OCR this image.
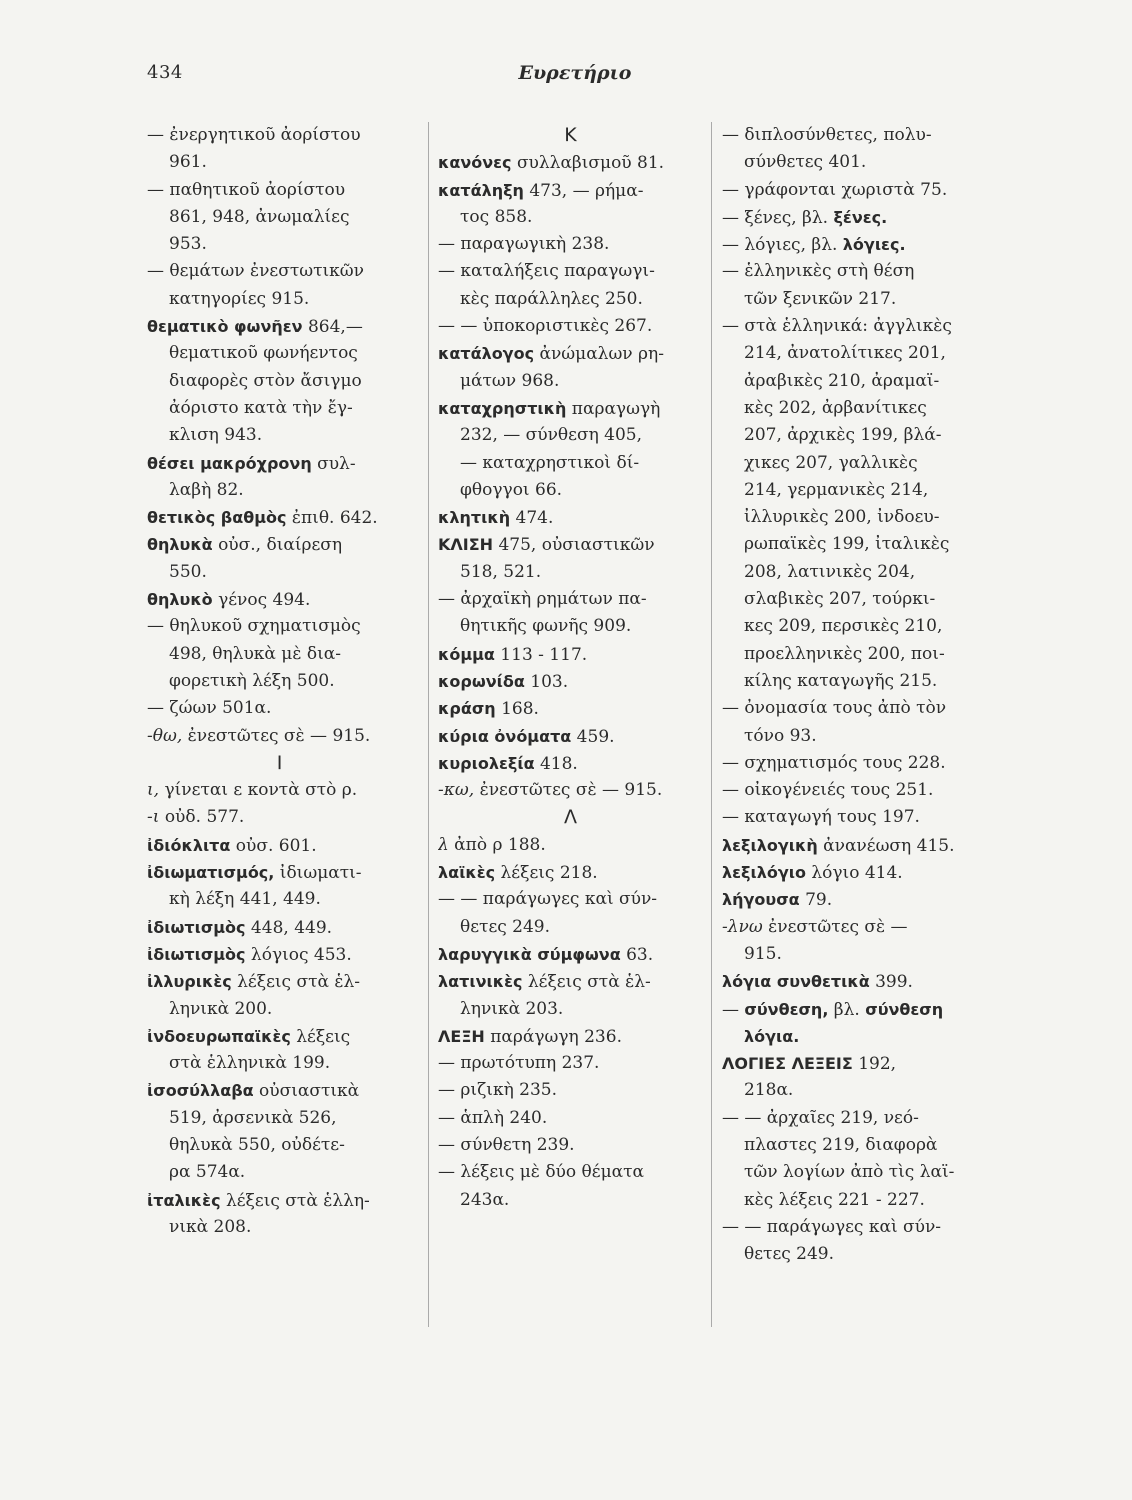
434	Ευρετήριο
— ἐνεργητικοῦ ἀορίστου
961.
— παθητικοῦ ἀορίστου
861, 948, ἀνωμαλίες
953.
— θεμάτων ἐνεστωτικῶν
κατηγορίες 915.
θεματικὸ φωνῆεν 864,—
θεματικοῦ φωνήεντος
διαφορὲς στὸν ἄσιγμο
ἀόριστο κατὰ τὴν ἔγ-
κλιση 943.
θέσει μακρόχρονη συλ-
λαβὴ 82.
θετικὸς βαθμὸς ἐπιθ. 642.
θηλυκὰ οὐσ., διαίρεση
550.
θηλυκὸ γένος 494.
— θηλυκοῦ σχηματισμὸς
498, θηλυκὰ μὲ δια-
φορετικὴ λέξη 500.
— ζώων 501α.
-θω, ἐνεστῶτες σὲ — 915.
Ι
ι, γίνεται ε κοντὰ στὸ ρ.
-ι οὐδ. 577.
ἰδιόκλιτα οὐσ. 601.
ἰδιωματισμός, ἰδιωματι-
κὴ λέξη 441, 449.
ἰδιωτισμὸς 448, 449.
ἰδιωτισμὸς λόγιος 453.
ἰλλυρικὲς λέξεις στὰ ἑλ-
ληνικὰ 200.
ἰνδοευρωπαϊκὲς λέξεις
στὰ ἑλληνικὰ 199.
ἰσοσύλλαβα οὐσιαστικὰ
519, ἀρσενικὰ 526,
θηλυκὰ 550, οὐδέτε-
ρα 574α.
ἰταλικὲς λέξεις στὰ ἑλλη-
νικὰ 208.
Κ
κανόνες συλλαβισμοῦ 81.
κατάληξη 473, — ρήμα-
τος 858.
— παραγωγικὴ 238.
— καταλήξεις παραγωγι-
κὲς παράλληλες 250.
— — ὑποκοριστικὲς 267.
κατάλογος ἀνώμαλων ρη-
μάτων 968.
καταχρηστικὴ παραγωγὴ
232, — σύνθεση 405,
— καταχρηστικοὶ δί-
φθογγοι 66.
κλητικὴ 474.
ΚΛΙΣΗ 475, οὐσιαστικῶν
518, 521.
— ἀρχαϊκὴ ρημάτων πα-
θητικῆς φωνῆς 909.
κόμμα 113 - 117.
κορωνίδα 103.
κράση 168.
κύρια ὀνόματα 459.
κυριολεξία 418.
-κω, ἐνεστῶτες σὲ — 915.
Λ
λ ἀπὸ ρ 188.
λαϊκὲς λέξεις 218.
— — παράγωγες καὶ σύν-
θετες 249.
λαρυγγικὰ σύμφωνα 63.
λατινικὲς λέξεις στὰ ἑλ-
ληνικὰ 203.
ΛΕΞΗ παράγωγη 236.
— πρωτότυπη 237.
— ριζικὴ 235.
— ἁπλὴ 240.
— σύνθετη 239.
— λέξεις μὲ δύο θέματα
243α.
— διπλοσύνθετες, πολυ-
σύνθετες 401.
— γράφονται χωριστὰ 75.
— ξένες, βλ. ξένες.
— λόγιες, βλ. λόγιες.
— ἑλληνικὲς στὴ θέση
τῶν ξενικῶν 217.
— στὰ ἑλληνικά: ἀγγλικὲς
214, ἀνατολίτικες 201,
ἀραβικὲς 210, ἀραμαϊ-
κὲς 202, ἀρβανίτικες
207, ἀρχικὲς 199, βλά-
χικες 207, γαλλικὲς
214, γερμανικὲς 214,
ἰλλυρικὲς 200, ἰνδοευ-
ρωπαϊκὲς 199, ἰταλικὲς
208, λατινικὲς 204,
σλαβικὲς 207, τούρκι-
κες 209, περσικὲς 210,
προελληνικὲς 200, ποι-
κίλης καταγωγῆς 215.
— ὀνομασία τους ἀπὸ τὸν
τόνο 93.
— σχηματισμός τους 228.
— οἰκογένειές τους 251.
— καταγωγή τους 197.
λεξιλογικὴ ἀνανέωση 415.
λεξιλόγιο λόγιο 414.
λήγουσα 79.
-λνω ἐνεστῶτες σὲ —
915.
λόγια συνθετικὰ 399.
— σύνθεση, βλ. σύνθεση
λόγια.
ΛΟΓΙΕΣ ΛΕΞΕΙΣ 192,
218α.
— — ἀρχαῖες 219, νεό-
πλαστες 219, διαφορὰ
τῶν λογίων ἀπὸ τὶς λαϊ-
κὲς λέξεις 221 - 227.
— — παράγωγες καὶ σύν-
θετες 249.
